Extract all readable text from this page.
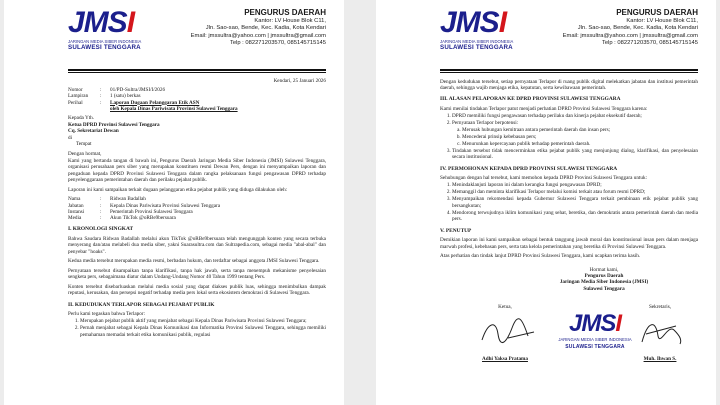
JMSI
JARINGAN MEDIA SIBER INDONESIA
SULAWESI TENGGARA
PENGURUS DAERAH
Kantor: LV House Blok C11,
Jln. Sao-sao, Bende, Kec. Kadia, Kota Kendari
Email: jmssultra@yahoo.com | jmssultra@gmail.com
Telp : 082271203570, 085145715145
Kendari, 25 Januari 2026
Nomor	:	01/PD-Sultra/JMSI/I/2026
Lampiran	:	1 (satu) berkas
Perihal	:	Laporan Dugaan Pelanggaran Etik ASN
		oleh Kepala Dinas Pariwisata Provinsi Sulawesi Tenggara

Kepada Yth.
Ketua DPRD Provinsi Sulawesi Tenggara
Cq. Sekretariat Dewan
di
Tempat

Dengan hormat,

Kami yang bertanda tangan di bawah ini, Pengurus Daerah Jaringan Media Siber Indonesia (JMSI) Sulawesi Tenggara, organisasi perusahaan pers siber yang merupakan konstituen resmi Dewan Pers, dengan ini menyampaikan laporan dan pengaduan kepada DPRD Provinsi Sulawesi Tenggara dalam rangka pelaksanaan fungsi pengawasan DPRD terhadap penyelenggaraan pemerintahan daerah dan perilaku pejabat publik.

Laporan ini kami sampaikan terkait dugaan pelanggaran etika pejabat publik yang diduga dilakukan oleh:

Nama	:	Ridwan Badallah
Jabatan	:	Kepala Dinas Pariwisata Provinsi Sulawesi Tenggara
Instansi	:	Pemerintah Provinsi Sulawesi Tenggara
Media	:	Akun TikTok @oRBe9bersuara
I. KRONOLOGI SINGKAT

Bahwa Saudara Ridwan Badallah melalui akun TikTok @oRBe9bersuara telah mengunggah konten yang secara terbuka menyerang dan/atau melabeli dua media siber, yakni Suarasultra.com dan Sultrapedia.com, sebagai media "abal-abal" dan penyebar "hoaks".

Kedua media tersebut merupakan media resmi, berbadan hukum, dan terdaftar sebagai anggota JMSI Sulawesi Tenggara.

Pernyataan tersebut disampaikan tanpa klarifikasi, tanpa hak jawab, serta tanpa menempuh mekanisme penyelesaian sengketa pers, sebagaimana diatur dalam Undang-Undang Nomor 40 Tahun 1999 tentang Pers.

Konten tersebut disebarluaskan melalui media sosial yang dapat diakses publik luas, sehingga menimbulkan dampak reputasi, kerusakan, dan persepsi negatif terhadap media pers lokal serta ekosistem demokrasi di Sulawesi Tenggara.

II. KEDUDUKAN TERLAPOR SEBAGAI PEJABAT PUBLIK

Perlu kami tegaskan bahwa Terlapor:

1. Merupakan pejabat publik aktif yang menjabat sebagai Kepala Dinas Pariwisata Provinsi Sulawesi Tenggara;
2. Pernah menjabat sebagai Kepala Dinas Komunikasi dan Informatika Provinsi Sulawesi Tenggara, sehingga memiliki pemahaman memadai terkait etika komunikasi publik, regulasi
JMSI
JARINGAN MEDIA SIBER INDONESIA
SULAWESI TENGGARA
PENGURUS DAERAH
Kantor: LV House Blok C11,
Jln. Sao-sao, Bende, Kec. Kadia, Kota Kendari
Email: jmssultra@yahoo.com | jmssultra@gmail.com
Telp : 082271203570, 085145715145

Dengan kedudukan tersebut, setiap pernyataan Terlapor di ruang publik digital melekatkan jabatan dan institusi pemerintah daerah, sehingga wajib menjaga etika, kepatutan, serta kewibawaan pemerintah.

III. ALASAN PELAPORAN KE DPRD PROVINSI SULAWESI TENGGARA

Kami menilai tindakan Terlapor patut menjadi perhatian DPRD Provinsi Sulawesi Tenggara karena:

1. DPRD memiliki fungsi pengawasan terhadap perilaku dan kinerja pejabat eksekutif daerah;
2. Pernyataan Terlapor berpotensi:
a. Merusak hubungan kemitraan antara pemerintah daerah dan insan pers;
b. Mencederai prinsip kebebasan pers;
c. Menurunkan kepercayaan publik terhadap pemerintah daerah.
3. Tindakan tersebut tidak mencerminkan etika pejabat publik yang menjunjung dialog, klarifikasi, dan penyelesaian secara institusional.
IV. PERMOHONAN KEPADA DPRD PROVINSI SULAWESI TENGGARA

Sehubungan dengan hal tersebut, kami memohon kepada DPRD Provinsi Sulawesi Tenggara untuk:

1. Menindaklanjuti laporan ini dalam kerangka fungsi pengawasan DPRD;
2. Memanggil dan meminta klarifikasi Terlapor melalui komisi terkait atau forum resmi DPRD;
3. Menyampaikan rekomendasi kepada Gubernur Sulawesi Tenggara terkait pembinaan etik pejabat publik yang bersangkutan;
4. Mendorong terwujudnya iklim komunikasi yang sehat, beretika, dan demokratis antara pemerintah daerah dan media pers.
V. PENUTUP

Demikian laporan ini kami sampaikan sebagai bentuk tanggung jawab moral dan konstitusional insan pers dalam menjaga marwah profesi, kebebasan pers, serta tata kelola pemerintahan yang beretika di Provinsi Sulawesi Tenggara.

Atas perhatian dan tindak lanjut DPRD Provinsi Sulawesi Tenggara, kami ucapkan terima kasih.

Hormat kami,
Pengurus Daerah
Jaringan Media Siber Indonesia (JMSI)
Sulawesi Tenggara
Ketua,
Adhi Yaksa Pratama
JMSI
JARINGAN MEDIA SIBER INDONESIA
SULAWESI TENGGARA
Sekretaris,
Muh. Ihwan S.
